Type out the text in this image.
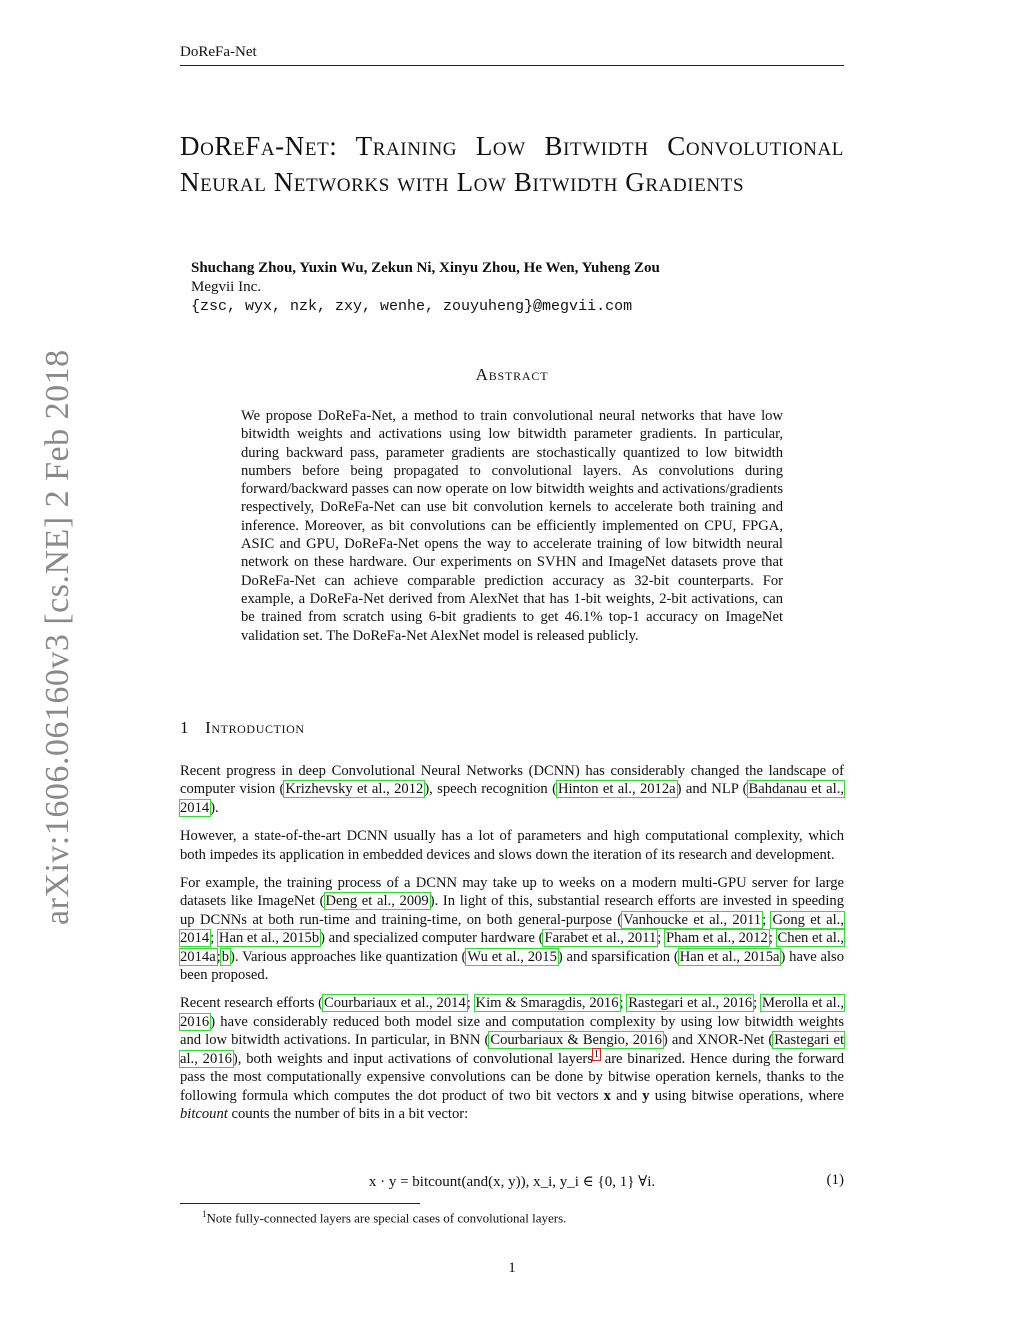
DoReFa-Net
DoReFa-Net: Training Low Bitwidth Convolutional Neural Networks with Low Bitwidth Gradients
Shuchang Zhou, Yuxin Wu, Zekun Ni, Xinyu Zhou, He Wen, Yuheng Zou
Megvii Inc.
{zsc, wyx, nzk, zxy, wenhe, zouyuheng}@megvii.com
Abstract
We propose DoReFa-Net, a method to train convolutional neural networks that have low bitwidth weights and activations using low bitwidth parameter gradients. In particular, during backward pass, parameter gradients are stochastically quantized to low bitwidth numbers before being propagated to convolutional layers. As convolutions during forward/backward passes can now operate on low bitwidth weights and activations/gradients respectively, DoReFa-Net can use bit convolution kernels to accelerate both training and inference. Moreover, as bit convolutions can be efficiently implemented on CPU, FPGA, ASIC and GPU, DoReFa-Net opens the way to accelerate training of low bitwidth neural network on these hardware. Our experiments on SVHN and ImageNet datasets prove that DoReFa-Net can achieve comparable prediction accuracy as 32-bit counterparts. For example, a DoReFa-Net derived from AlexNet that has 1-bit weights, 2-bit activations, can be trained from scratch using 6-bit gradients to get 46.1% top-1 accuracy on ImageNet validation set. The DoReFa-Net AlexNet model is released publicly.
1 Introduction

Recent progress in deep Convolutional Neural Networks (DCNN) has considerably changed the landscape of computer vision (Krizhevsky et al., 2012), speech recognition (Hinton et al., 2012a) and NLP (Bahdanau et al., 2014).

However, a state-of-the-art DCNN usually has a lot of parameters and high computational complexity, which both impedes its application in embedded devices and slows down the iteration of its research and development.

For example, the training process of a DCNN may take up to weeks on a modern multi-GPU server for large datasets like ImageNet (Deng et al., 2009). In light of this, substantial research efforts are invested in speeding up DCNNs at both run-time and training-time, on both general-purpose (Vanhoucke et al., 2011; Gong et al., 2014; Han et al., 2015b) and specialized computer hardware (Farabet et al., 2011; Pham et al., 2012; Chen et al., 2014a;b). Various approaches like quantization (Wu et al., 2015) and sparsification (Han et al., 2015a) have also been proposed.

Recent research efforts (Courbariaux et al., 2014; Kim & Smaragdis, 2016; Rastegari et al., 2016; Merolla et al., 2016) have considerably reduced both model size and computation complexity by using low bitwidth weights and low bitwidth activations. In particular, in BNN (Courbariaux & Bengio, 2016) and XNOR-Net (Rastegari et al., 2016), both weights and input activations of convolutional layers$^1$ are binarized. Hence during the forward pass the most computationally expensive convolutions can be done by bitwise operation kernels, thanks to the following formula which computes the dot product of two bit vectors x and y using bitwise operations, where bitcount counts the number of bits in a bit vector:

x · y = bitcount(and(x, y)), x_i, y_i ∈ {0, 1} ∀i.	(1)
$^1$Note fully-connected layers are special cases of convolutional layers.
1
arXiv:1606.06160v3 [cs.NE] 2 Feb 2018
